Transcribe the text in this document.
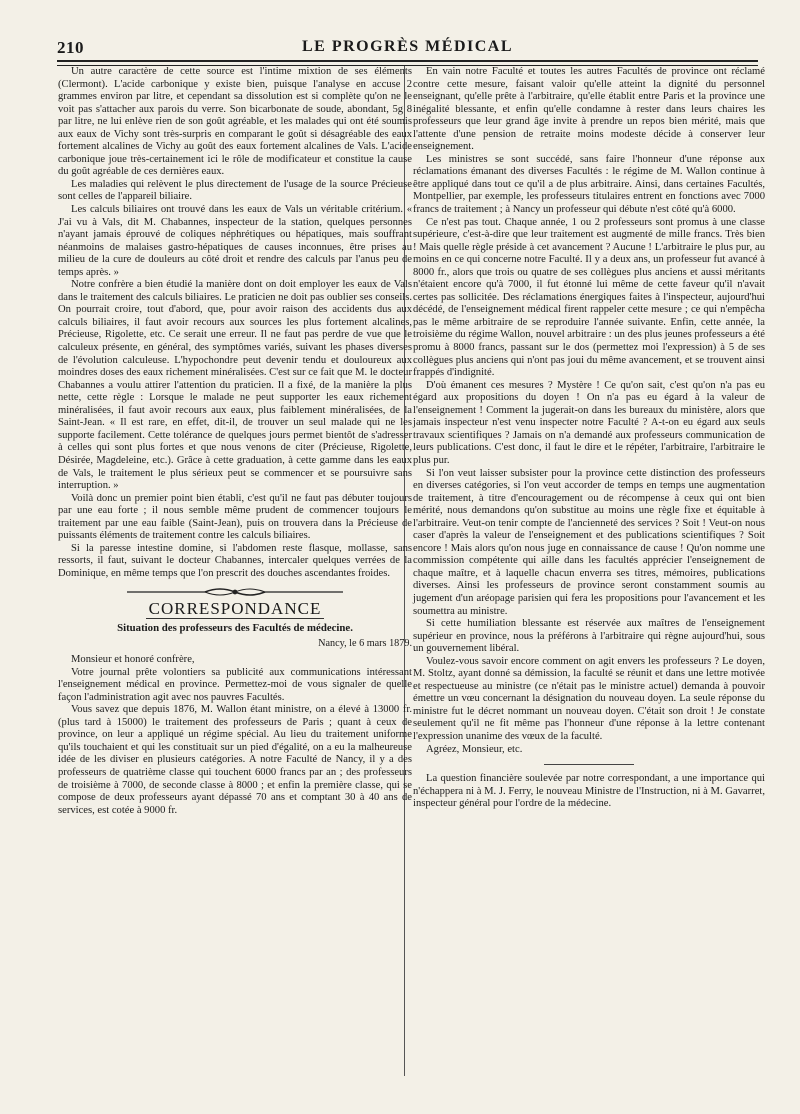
210	LE PROGRÈS MÉDICAL

Un autre caractère de cette source est l'intime mixtion de ses éléments (Clermont). L'acide carbonique y existe bien, puisque l'analyse en accuse 2 grammes environ par litre, et cependant sa dissolution est si complète qu'on ne le voit pas s'attacher aux parois du verre. Son bicarbonate de soude, abondant, 5g 8 par litre, ne lui enlève rien de son goût agréable, et les malades qui ont été soumis aux eaux de Vichy sont très-surpris en comparant le goût si désagréable des eaux fortement alcalines de Vichy au goût des eaux fortement alcalines de Vals. L'acide carbonique joue très-certainement ici le rôle de modificateur et constitue la cause du goût agréable de ces dernières eaux.

Les maladies qui relèvent le plus directement de l'usage de la source Précieuse sont celles de l'appareil biliaire.

Les calculs biliaires ont trouvé dans les eaux de Vals un véritable critérium. « J'ai vu à Vals, dit M. Chabannes, inspecteur de la station, quelques personnes n'ayant jamais éprouvé de coliques néphrétiques ou hépatiques, mais souffrant néanmoins de malaises gastro-hépatiques de causes inconnues, être prises au milieu de la cure de douleurs au côté droit et rendre des calculs par l'anus peu de temps après. »

Notre confrère a bien étudié la manière dont on doit employer les eaux de Vals dans le traitement des calculs biliaires. Le praticien ne doit pas oublier ses conseils. On pourrait croire, tout d'abord, que, pour avoir raison des accidents dus aux calculs biliaires, il faut avoir recours aux sources les plus fortement alcalines, Précieuse, Rigolette, etc. Ce serait une erreur. Il ne faut pas perdre de vue que le calculeux présente, en général, des symptômes variés, suivant les phases diverses de l'évolution calculeuse. L'hypochondre peut devenir tendu et douloureux aux moindres doses des eaux richement minéralisées. C'est sur ce fait que M. le docteur Chabannes a voulu attirer l'attention du praticien. Il a fixé, de la manière la plus nette, cette règle : Lorsque le malade ne peut supporter les eaux richement minéralisées, il faut avoir recours aux eaux, plus faiblement minéralisées, de la Saint-Jean. « Il est rare, en effet, dit-il, de trouver un seul malade qui ne les supporte facilement. Cette tolérance de quelques jours permet bientôt de s'adresser à celles qui sont plus fortes et que nous venons de citer (Précieuse, Rigolette, Désirée, Magdeleine, etc.). Grâce à cette graduation, à cette gamme dans les eaux de Vals, le traitement le plus sérieux peut se commencer et se poursuivre sans interruption. »

Voilà donc un premier point bien établi, c'est qu'il ne faut pas débuter toujours par une eau forte ; il nous semble même prudent de commencer toujours le traitement par une eau faible (Saint-Jean), puis on trouvera dans la Précieuse de puissants éléments de traitement contre les calculs biliaires.

Si la paresse intestine domine, si l'abdomen reste flasque, mollasse, sans ressorts, il faut, suivant le docteur Chabannes, intercaler quelques verrées de la Dominique, en même temps que l'on prescrit des douches ascendantes froides.

CORRESPONDANCE

Situation des professeurs des Facultés de médecine.

Nancy, le 6 mars 1879.

Monsieur et honoré confrère,

Votre journal prête volontiers sa publicité aux communications intéressant l'enseignement médical en province. Permettez-moi de vous signaler de quelle façon l'administration agit avec nos pauvres Facultés.

Vous savez que depuis 1876, M. Wallon étant ministre, on a élevé à 13000 fr. (plus tard à 15000) le traitement des professeurs de Paris ; quant à ceux de province, on leur a appliqué un régime spécial. Au lieu du traitement uniforme qu'ils touchaient et qui les constituait sur un pied d'égalité, on a eu la malheureuse idée de les diviser en plusieurs catégories. A notre Faculté de Nancy, il y a des professeurs de quatrième classe qui touchent 6000 francs par an ; des professeurs de troisième à 7000, de seconde classe à 8000 ; et enfin la première classe, qui se compose de deux professeurs ayant dépassé 70 ans et comptant 30 à 40 ans de services, est cotée à 9000 fr.

En vain notre Faculté et toutes les autres Facultés de province ont réclamé contre cette mesure, faisant valoir qu'elle atteint la dignité du personnel enseignant, qu'elle prête à l'arbitraire, qu'elle établit entre Paris et la province une inégalité blessante, et enfin qu'elle condamne à rester dans leurs chaires les professeurs que leur grand âge invite à prendre un repos bien mérité, mais que l'attente d'une pension de retraite moins modeste décide à conserver leur enseignement.

Les ministres se sont succédé, sans faire l'honneur d'une réponse aux réclamations émanant des diverses Facultés : le régime de M. Wallon continue à être appliqué dans tout ce qu'il a de plus arbitraire. Ainsi, dans certaines Facultés, Montpellier, par exemple, les professeurs titulaires entrent en fonctions avec 7000 francs de traitement ; à Nancy un professeur qui débute n'est côté qu'à 6000.

Ce n'est pas tout. Chaque année, 1 ou 2 professeurs sont promus à une classe supérieure, c'est-à-dire que leur traitement est augmenté de mille francs. Très bien ! Mais quelle règle préside à cet avancement ? Aucune ! L'arbitraire le plus pur, au moins en ce qui concerne notre Faculté. Il y a deux ans, un professeur fut avancé à 8000 fr., alors que trois ou quatre de ses collègues plus anciens et aussi méritants n'étaient encore qu'à 7000, il fut étonné lui même de cette faveur qu'il n'avait certes pas sollicitée. Des réclamations énergiques faites à l'inspecteur, aujourd'hui décédé, de l'enseignement médical firent rappeler cette mesure ; ce qui n'empêcha pas le même arbitraire de se reproduire l'année suivante. Enfin, cette année, la troisième du régime Wallon, nouvel arbitraire : un des plus jeunes professeurs a été promu à 8000 francs, passant sur le dos (permettez moi l'expression) à 5 de ses collègues plus anciens qui n'ont pas joui du même avancement, et se trouvent ainsi frappés d'indignité.

D'où émanent ces mesures ? Mystère ! Ce qu'on sait, c'est qu'on n'a pas eu égard aux propositions du doyen ! On n'a pas eu égard à la valeur de l'enseignement ! Comment la jugerait-on dans les bureaux du ministère, alors que jamais inspecteur n'est venu inspecter notre Faculté ? A-t-on eu égard aux seuls travaux scientifiques ? Jamais on n'a demandé aux professeurs communication de leurs publications. C'est donc, il faut le dire et le répéter, l'arbitraire, l'arbitraire le plus pur.

Si l'on veut laisser subsister pour la province cette distinction des professeurs en diverses catégories, si l'on veut accorder de temps en temps une augmentation de traitement, à titre d'encouragement ou de récompense à ceux qui ont bien mérité, nous demandons qu'on substitue au moins une règle fixe et équitable à l'arbitraire. Veut-on tenir compte de l'ancienneté des services ? Soit ! Veut-on nous caser d'après la valeur de l'enseignement et des publications scientifiques ? Soit encore ! Mais alors qu'on nous juge en connaissance de cause ! Qu'on nomme une commission compétente qui aille dans les facultés apprécier l'enseignement de chaque maître, et à laquelle chacun enverra ses titres, mémoires, publications diverses. Ainsi les professeurs de province seront constamment soumis au jugement d'un aréopage parisien qui fera les propositions pour l'avancement et les soumettra au ministre.

Si cette humiliation blessante est réservée aux maîtres de l'enseignement supérieur en province, nous la préférons à l'arbitraire qui règne aujourd'hui, sous un gouvernement libéral.

Voulez-vous savoir encore comment on agit envers les professeurs ? Le doyen, M. Stoltz, ayant donné sa démission, la faculté se réunit et dans une lettre motivée et respectueuse au ministre (ce n'était pas le ministre actuel) demanda à pouvoir émettre un vœu concernant la désignation du nouveau doyen. La seule réponse du ministre fut le décret nommant un nouveau doyen. C'était son droit ! Je constate seulement qu'il ne fit même pas l'honneur d'une réponse à la lettre contenant l'expression unanime des vœux de la faculté.

Agréez, Monsieur, etc.

La question financière soulevée par notre correspondant, a une importance qui n'échappera ni à M. J. Ferry, le nouveau Ministre de l'Instruction, ni à M. Gavarret, inspecteur général pour l'ordre de la médecine.
